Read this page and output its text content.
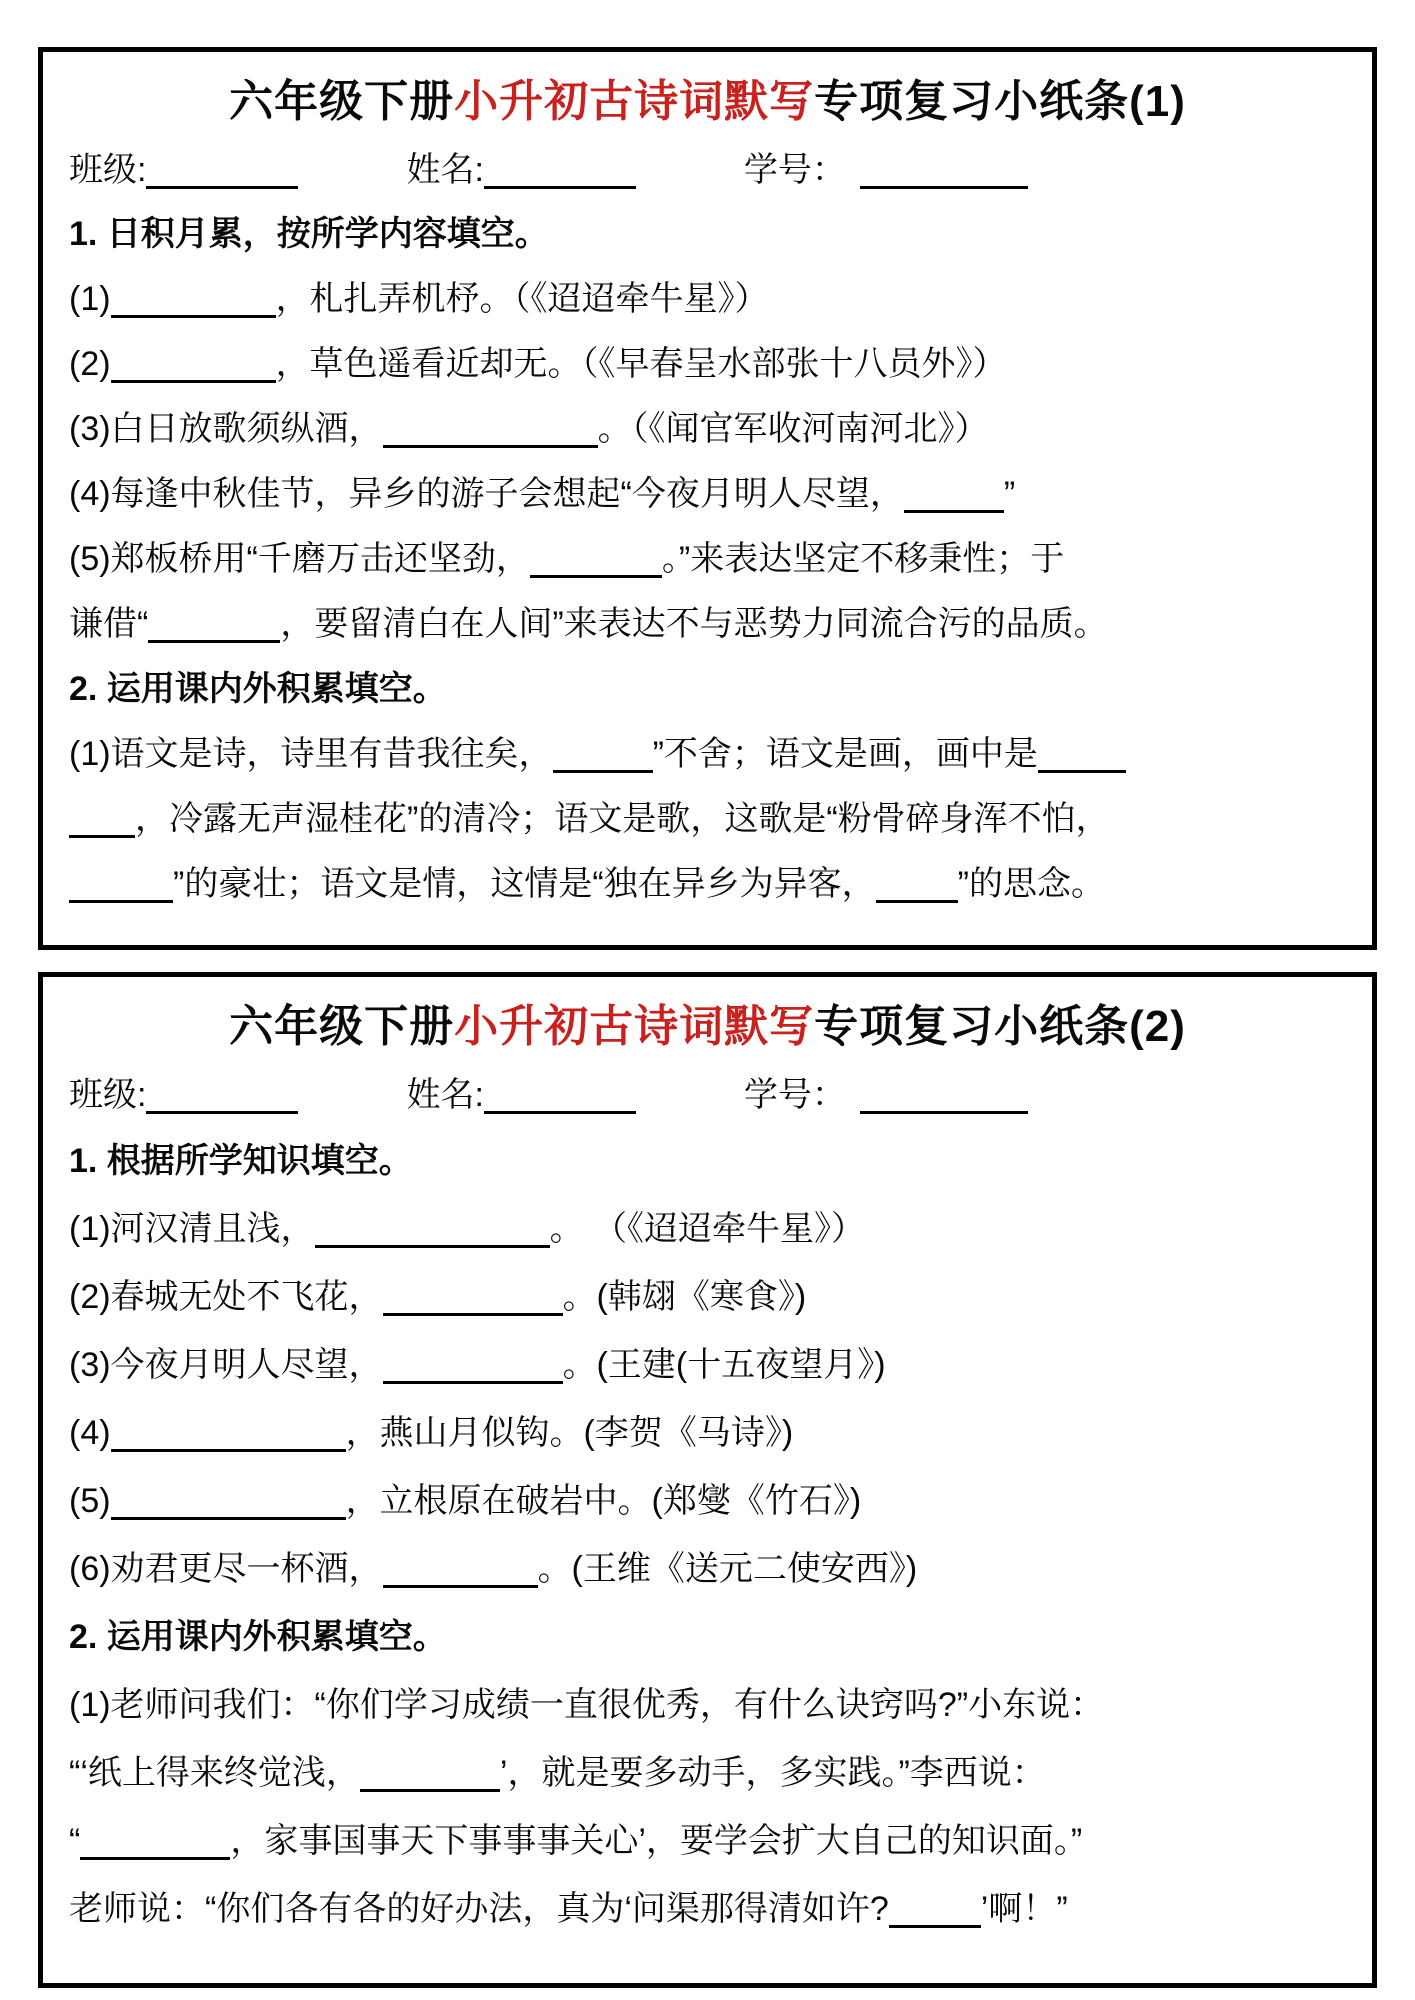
六年级下册小升初古诗词默写专项复习小纸条(1)
班级:	姓名:	学号：
1. 日积月累，按所学内容填空。
(1)	，札扎弄机杼。（《迢迢牵牛星》）
(2)	，草色遥看近却无。（《早春呈水部张十八员外》）
(3)白日放歌须纵酒，	。（《闻官军收河南河北》）
(4)每逢中秋佳节，异乡的游子会想起“今夜月明人尽望，	”
(5)郑板桥用“千磨万击还坚劲，	。”来表达坚定不移秉性；于
谦借“	，要留清白在人间”来表达不与恶势力同流合污的品质。
2. 运用课内外积累填空。
(1)语文是诗，诗里有昔我往矣，	”不舍；语文是画，画中是
，冷露无声湿桂花”的清冷；语文是歌，这歌是“粉骨碎身浑不怕，
”的豪壮；语文是情，这情是“独在异乡为异客， ”的思念。
六年级下册小升初古诗词默写专项复习小纸条(2)
班级:	姓名:	学号：
1. 根据所学知识填空。
(1)河汉清且浅，	。 （《迢迢牵牛星》）
(2)春城无处不飞花，	。(韩翃《寒食》)
(3)今夜月明人尽望，	。(王建(十五夜望月》)
(4)	，燕山月似钩。(李贺《马诗》)
(5)	，立根原在破岩中。(郑燮《竹石》)
(6)劝君更尽一杯酒，	。(王维《送元二使安西》)
2. 运用课内外积累填空。
(1)老师问我们：“你们学习成绩一直很优秀，有什么诀窍吗?”小东说：
“‘纸上得来终觉浅，	’，就是要多动手，多实践。”李西说：
“	，家事国事天下事事事关心’，要学会扩大自己的知识面。”
老师说：“你们各有各的好办法，真为‘问渠那得清如许?	’啊！”
